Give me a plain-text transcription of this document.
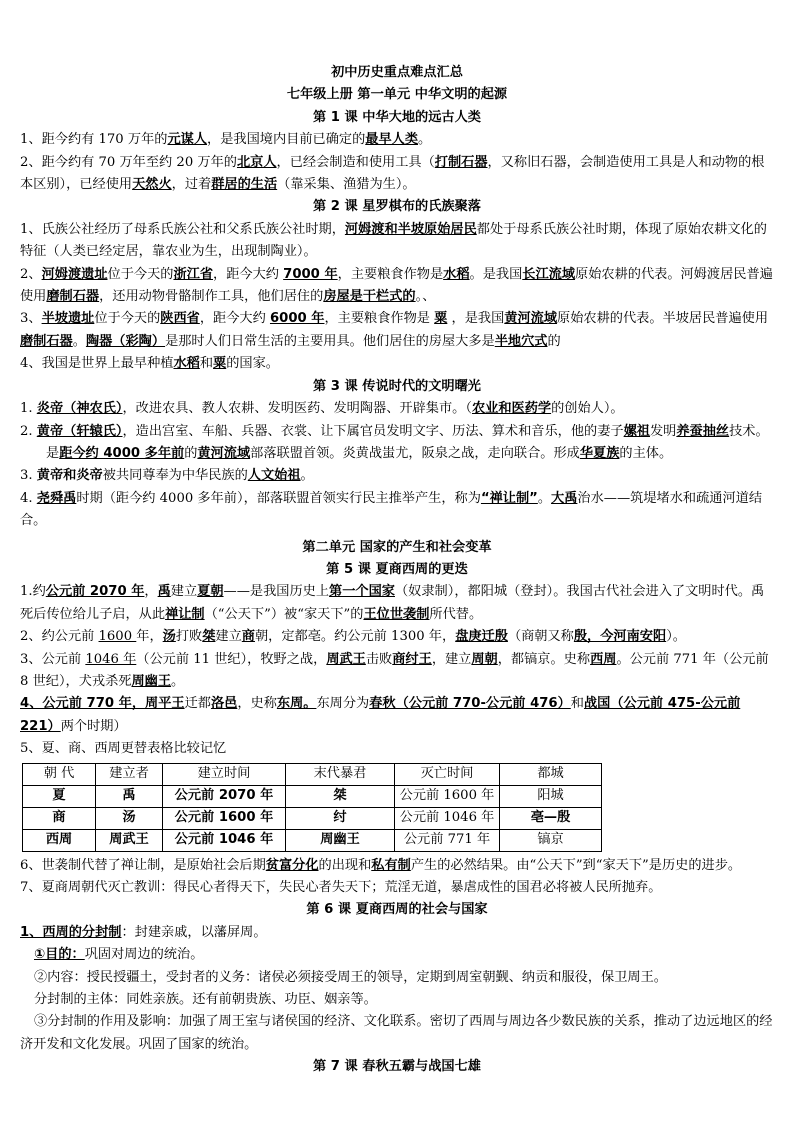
初中历史重点难点汇总
七年级上册 第一单元 中华文明的起源
第 1 课 中华大地的远古人类

1、距今约有 170 万年的元谋人，是我国境内目前已确定的最早人类。

2、距今约有 70 万年至约 20 万年的北京人，已经会制造和使用工具（打制石器，又称旧石器，会制造使用工具是人和动物的根本区别），已经使用天然火，过着群居的生活（靠采集、渔猎为生）。

第 2 课 星罗棋布的氏族聚落

1、氏族公社经历了母系氏族公社和父系氏族公社时期，河姆渡和半坡原始居民都处于母系氏族公社时期，体现了原始农耕文化的特征（人类已经定居，靠农业为生，出现制陶业）。

2、河姆渡遗址位于今天的浙江省，距今大约 7000 年，主要粮食作物是水稻。是我国长江流域原始农耕的代表。河姆渡居民普遍使用磨制石器，还用动物骨骼制作工具，他们居住的房屋是干栏式的。、

3、半坡遗址位于今天的陕西省，距今大约 6000 年，主要粮食作物是 粟 ，是我国黄河流域原始农耕的代表。半坡居民普遍使用磨制石器。陶器（彩陶）是那时人们日常生活的主要用具。他们居住的房屋大多是半地穴式的

4、我国是世界上最早种植水稻和粟的国家。

第 3 课 传说时代的文明曙光

1. 炎帝（神农氏），改进农具、教人农耕、发明医药、发明陶器、开辟集市。（农业和医药学的创始人）。

2. 黄帝（轩辕氏），造出宫室、车船、兵器、衣裳、让下属官员发明文字、历法、算术和音乐，他的妻子嫘祖发明养蚕抽丝技术。是距今约 4000 多年前的黄河流域部落联盟首领。炎黄战蚩尤，阪泉之战，走向联合。形成华夏族的主体。

3. 黄帝和炎帝被共同尊奉为中华民族的人文始祖。

4. 尧舜禹时期（距今约 4000 多年前），部落联盟首领实行民主推举产生，称为“禅让制”。大禹治水——筑堤堵水和疏通河道结合。

第二单元 国家的产生和社会变革
第 5 课 夏商西周的更迭

1.约公元前 2070 年，禹建立夏朝——是我国历史上第一个国家（奴隶制），都阳城（登封）。我国古代社会进入了文明时代。禹死后传位给儿子启，从此禅让制（“公天下”）被“家天下”的王位世袭制所代替。

2、约公元前 1600 年，汤打败桀建立商朝，定都亳。约公元前 1300 年，盘庚迁殷（商朝又称殷，今河南安阳）。

3、公元前 1046 年（公元前 11 世纪），牧野之战，周武王击败商纣王，建立周朝，都镐京。史称西周。公元前 771 年（公元前 8 世纪），犬戎杀死周幽王。

4、公元前 770 年，周平王迁都洛邑，史称东周。东周分为春秋（公元前 770-公元前 476）和战国（公元前 475-公元前 221）两个时期）

5、夏、商、西周更替表格比较记忆

朝 代	建立者	建立时间	末代暴君	灭亡时间	都城
夏	禹	公元前 2070 年	桀	公元前 1600 年	阳城
商	汤	公元前 1600 年	纣	公元前 1046 年	亳—殷
西周	周武王	公元前 1046 年	周幽王	公元前 771 年	镐京

6、世袭制代替了禅让制，是原始社会后期贫富分化的出现和私有制产生的必然结果。由“公天下”到“家天下”是历史的进步。

7、夏商周朝代灭亡教训：得民心者得天下，失民心者失天下；荒淫无道，暴虐成性的国君必将被人民所抛弃。

第 6 课 夏商西周的社会与国家

1、西周的分封制：封建亲戚，以藩屏周。

①目的：巩固对周边的统治。

②内容：授民授疆土，受封者的义务：诸侯必须接受周王的领导，定期到周室朝觐、纳贡和服役，保卫周王。

分封制的主体：同姓亲族。还有前朝贵族、功臣、姻亲等。

③分封制的作用及影响：加强了周王室与诸侯国的经济、文化联系。密切了西周与周边各少数民族的关系，推动了边远地区的经济开发和文化发展。巩固了国家的统治。

第 7 课 春秋五霸与战国七雄
